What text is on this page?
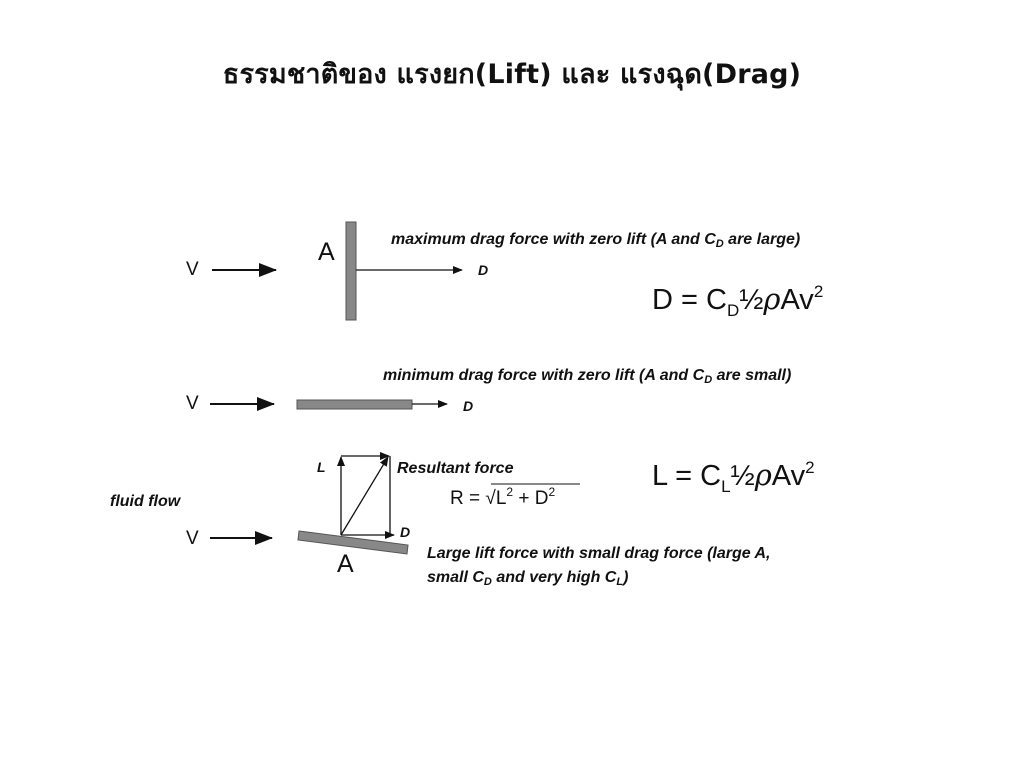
ธรรมชาติของ แรงยก(Lift) และ แรงฉุด(Drag)
V
A
D
maximum drag force with zero lift (A and $C_D$ are large)
$D = C_D\frac{1}{2}\rho Av^2$
V	D
minimum drag force with zero lift (A and $C_D$ are small)
L	Resultant force
$R = √L^2 + D^2$
fluid flow
V	D
A	Large lift force with small drag force (large A,
small $C_D$ and very high $C_L$)
$L = C_L\frac{1}{2}\rho Av^2$
